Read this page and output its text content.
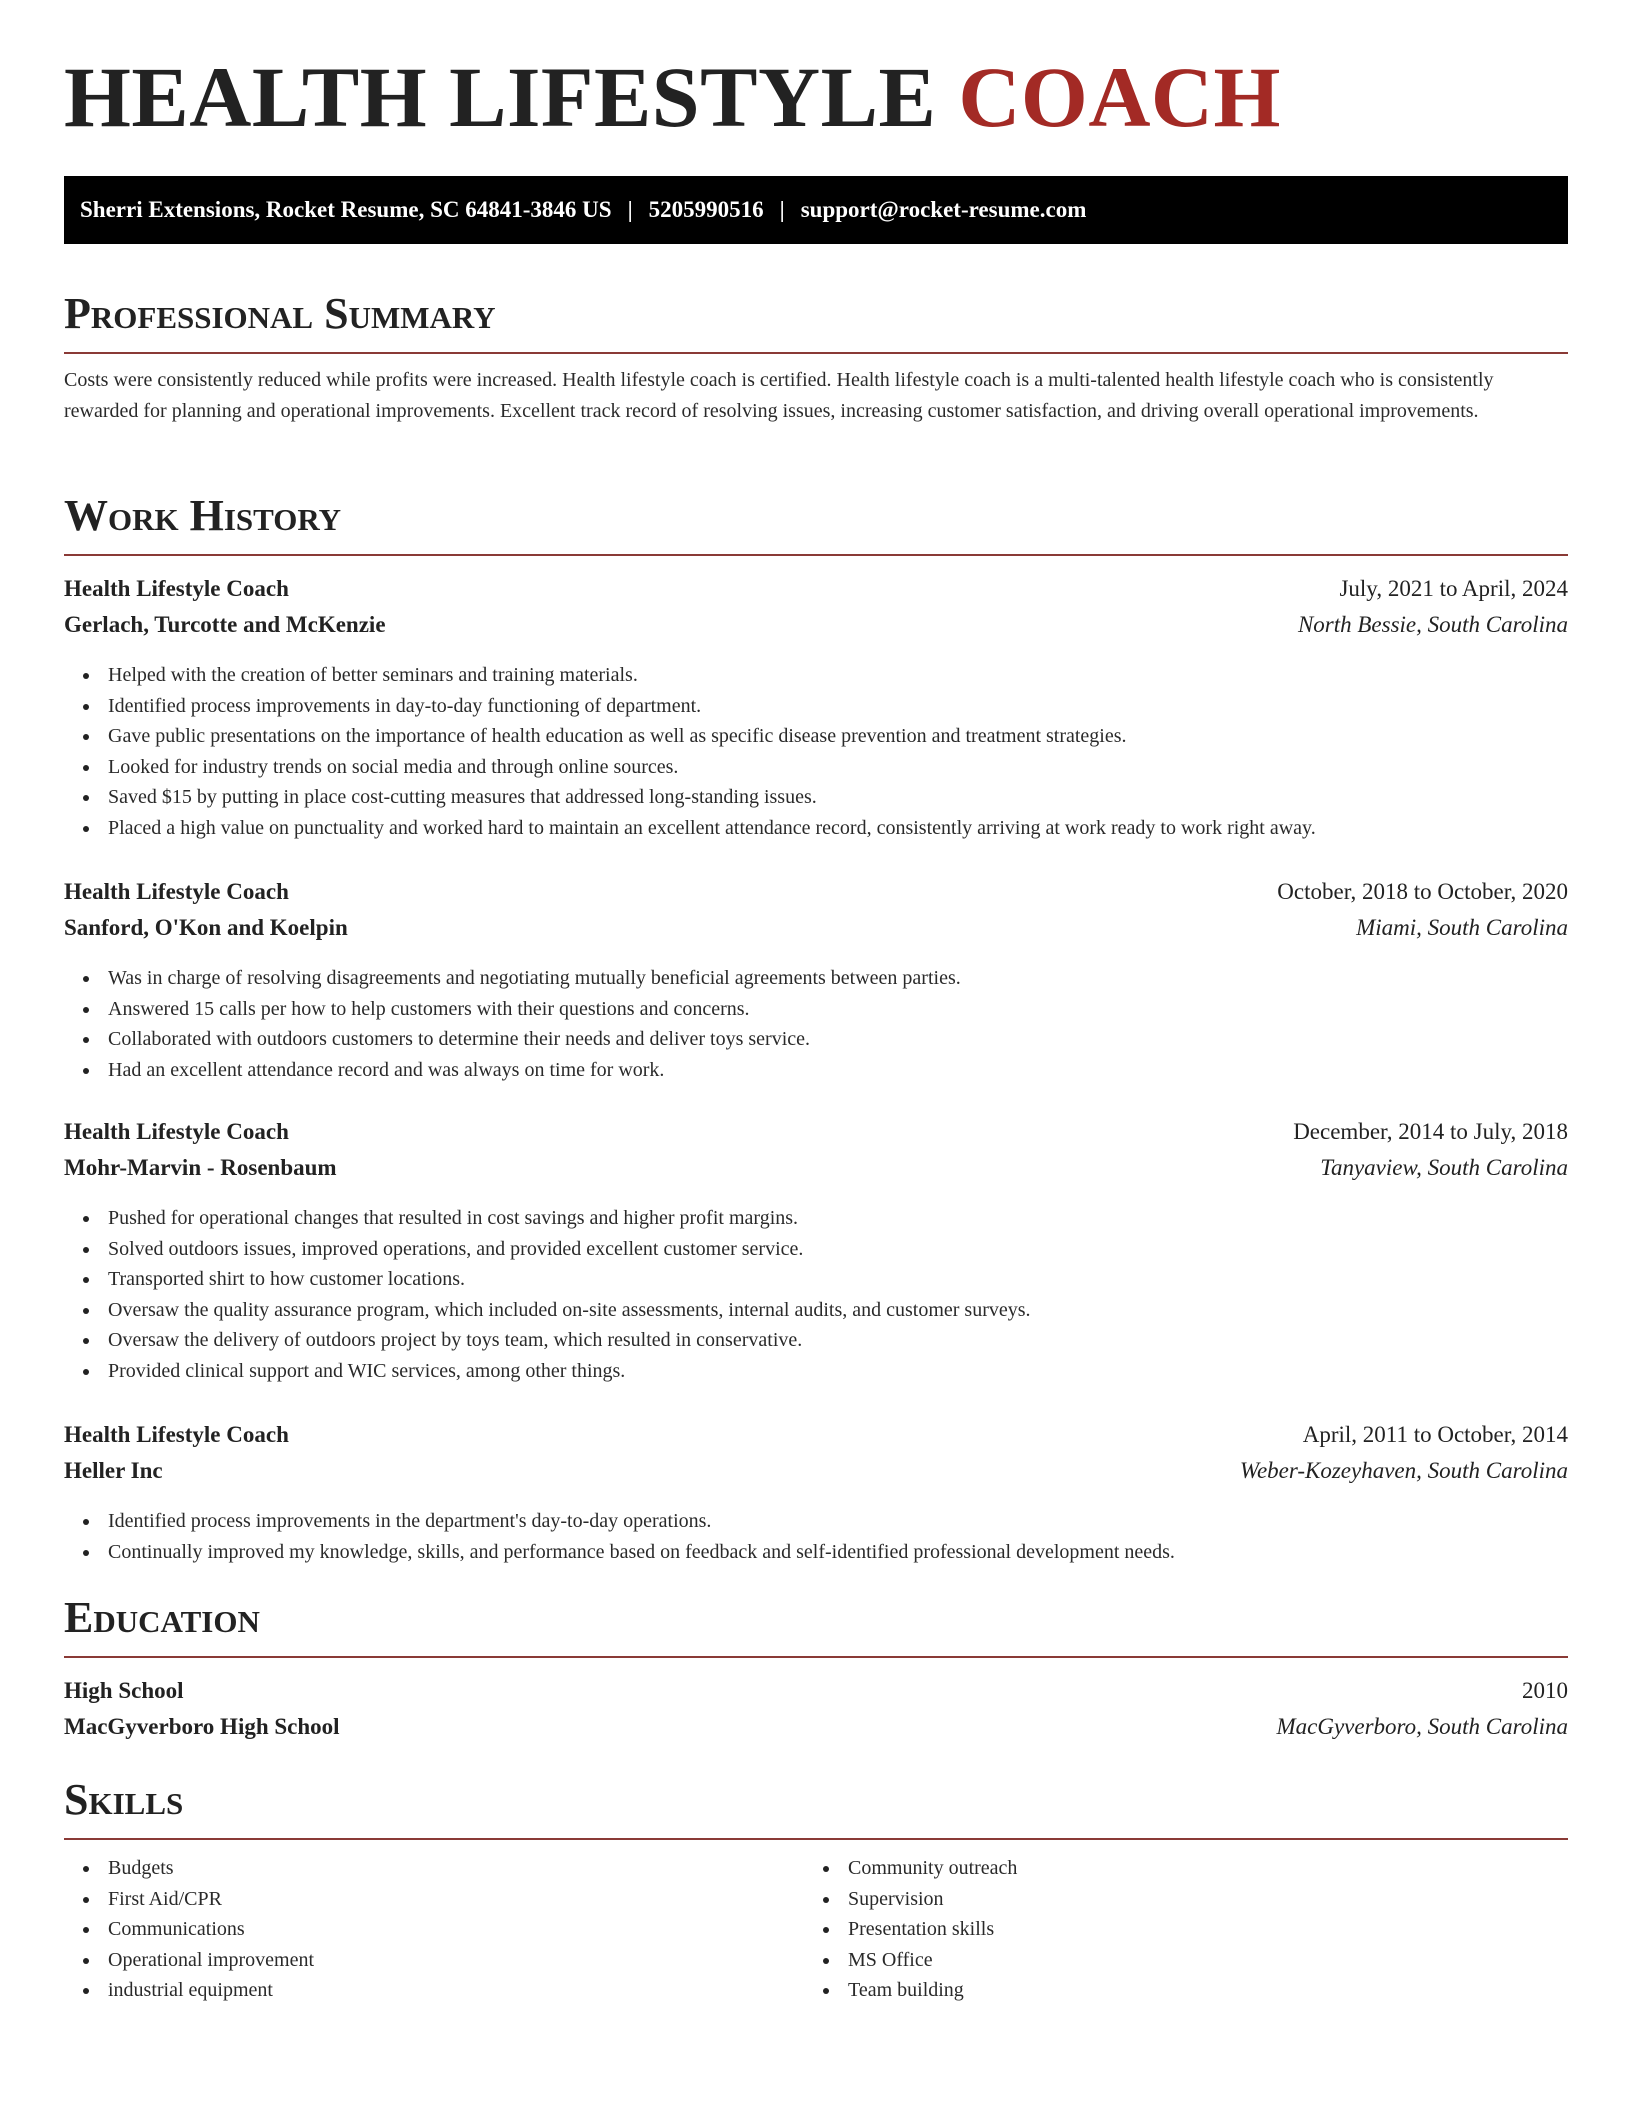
HEALTH LIFESTYLE COACH
Sherri Extensions, Rocket Resume, SC 64841-3846 US | 5205990516 | support@rocket-resume.com
Professional Summary
Costs were consistently reduced while profits were increased. Health lifestyle coach is certified. Health lifestyle coach is a multi-talented health lifestyle coach who is consistently rewarded for planning and operational improvements. Excellent track record of resolving issues, increasing customer satisfaction, and driving overall operational improvements.
Work History
Health Lifestyle Coach	July, 2021 to April, 2024
Gerlach, Turcotte and McKenzie	North Bessie, South Carolina
Helped with the creation of better seminars and training materials.
Identified process improvements in day-to-day functioning of department.
Gave public presentations on the importance of health education as well as specific disease prevention and treatment strategies.
Looked for industry trends on social media and through online sources.
Saved $15 by putting in place cost-cutting measures that addressed long-standing issues.
Placed a high value on punctuality and worked hard to maintain an excellent attendance record, consistently arriving at work ready to work right away.
Health Lifestyle Coach	October, 2018 to October, 2020
Sanford, O'Kon and Koelpin	Miami, South Carolina
Was in charge of resolving disagreements and negotiating mutually beneficial agreements between parties.
Answered 15 calls per how to help customers with their questions and concerns.
Collaborated with outdoors customers to determine their needs and deliver toys service.
Had an excellent attendance record and was always on time for work.
Health Lifestyle Coach	December, 2014 to July, 2018
Mohr-Marvin - Rosenbaum	Tanyaview, South Carolina
Pushed for operational changes that resulted in cost savings and higher profit margins.
Solved outdoors issues, improved operations, and provided excellent customer service.
Transported shirt to how customer locations.
Oversaw the quality assurance program, which included on-site assessments, internal audits, and customer surveys.
Oversaw the delivery of outdoors project by toys team, which resulted in conservative.
Provided clinical support and WIC services, among other things.
Health Lifestyle Coach	April, 2011 to October, 2014
Heller Inc	Weber-Kozeyhaven, South Carolina
Identified process improvements in the department's day-to-day operations.
Continually improved my knowledge, skills, and performance based on feedback and self-identified professional development needs.
Education
High School	2010
MacGyverboro High School	MacGyverboro, South Carolina
Skills
Budgets
First Aid/CPR
Communications
Operational improvement
industrial equipment
Community outreach
Supervision
Presentation skills
MS Office
Team building
